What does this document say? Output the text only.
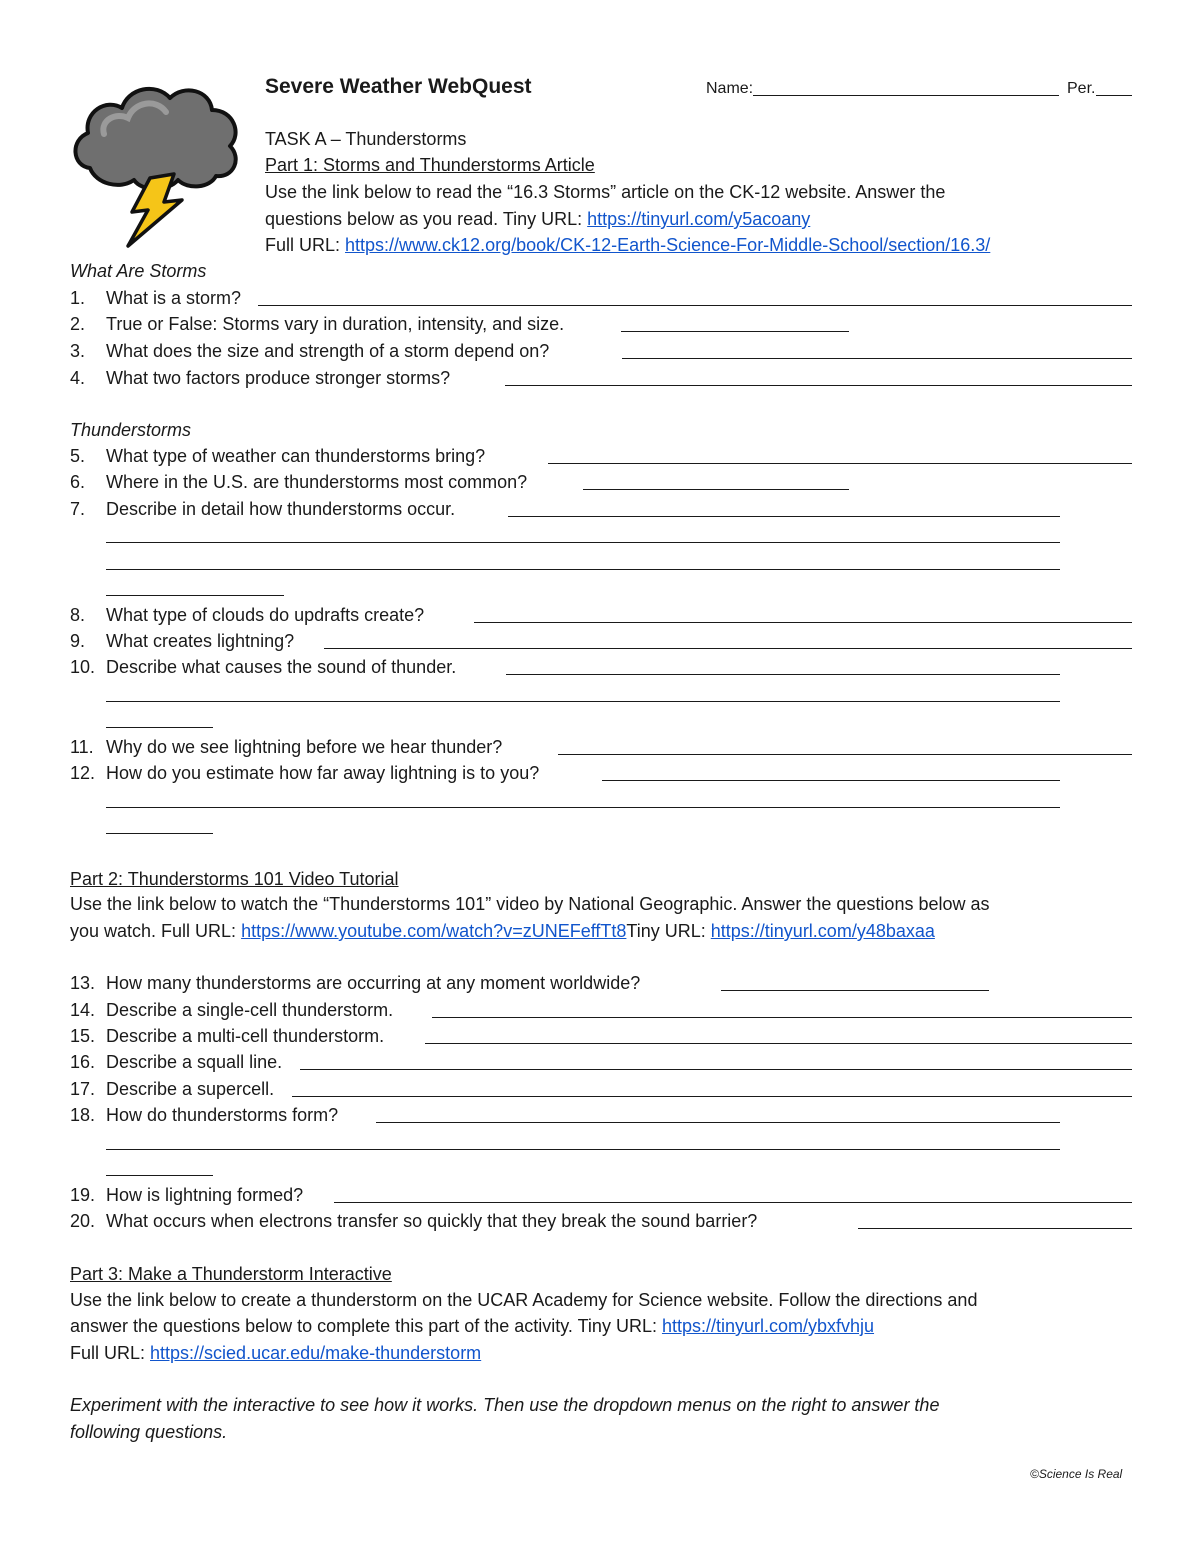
Severe Weather WebQuest	Name:	Per.
TASK A – Thunderstorms
Part 1: Storms and Thunderstorms Article
Use the link below to read the “16.3 Storms” article on the CK-12 website. Answer the
questions below as you read. Tiny URL: https://tinyurl.com/y5acoany
Full URL: https://www.ck12.org/book/CK-12-Earth-Science-For-Middle-School/section/16.3/
What Are Storms
1.	What is a storm?
2.	True or False: Storms vary in duration, intensity, and size.
3.	What does the size and strength of a storm depend on?
4.	What two factors produce stronger storms?
Thunderstorms
5.	What type of weather can thunderstorms bring?
6.	Where in the U.S. are thunderstorms most common?
7.	Describe in detail how thunderstorms occur.
8.	What type of clouds do updrafts create?
9.	What creates lightning?
10. Describe what causes the sound of thunder.
11. Why do we see lightning before we hear thunder?
12. How do you estimate how far away lightning is to you?
Part 2: Thunderstorms 101 Video Tutorial
Use the link below to watch the “Thunderstorms 101” video by National Geographic. Answer the questions below as
you watch. Full URL: https://www.youtube.com/watch?v=zUNEFeffTt8Tiny URL: https://tinyurl.com/y48baxaa
13. How many thunderstorms are occurring at any moment worldwide?
14. Describe a single-cell thunderstorm.
15. Describe a multi-cell thunderstorm.
16. Describe a squall line.
17. Describe a supercell.
18. How do thunderstorms form?
19. How is lightning formed?
20. What occurs when electrons transfer so quickly that they break the sound barrier?
Part 3: Make a Thunderstorm Interactive
Use the link below to create a thunderstorm on the UCAR Academy for Science website. Follow the directions and
answer the questions below to complete this part of the activity. Tiny URL: https://tinyurl.com/ybxfvhju
Full URL: https://scied.ucar.edu/make-thunderstorm
Experiment with the interactive to see how it works. Then use the dropdown menus on the right to answer the
following questions.
©Science Is Real
